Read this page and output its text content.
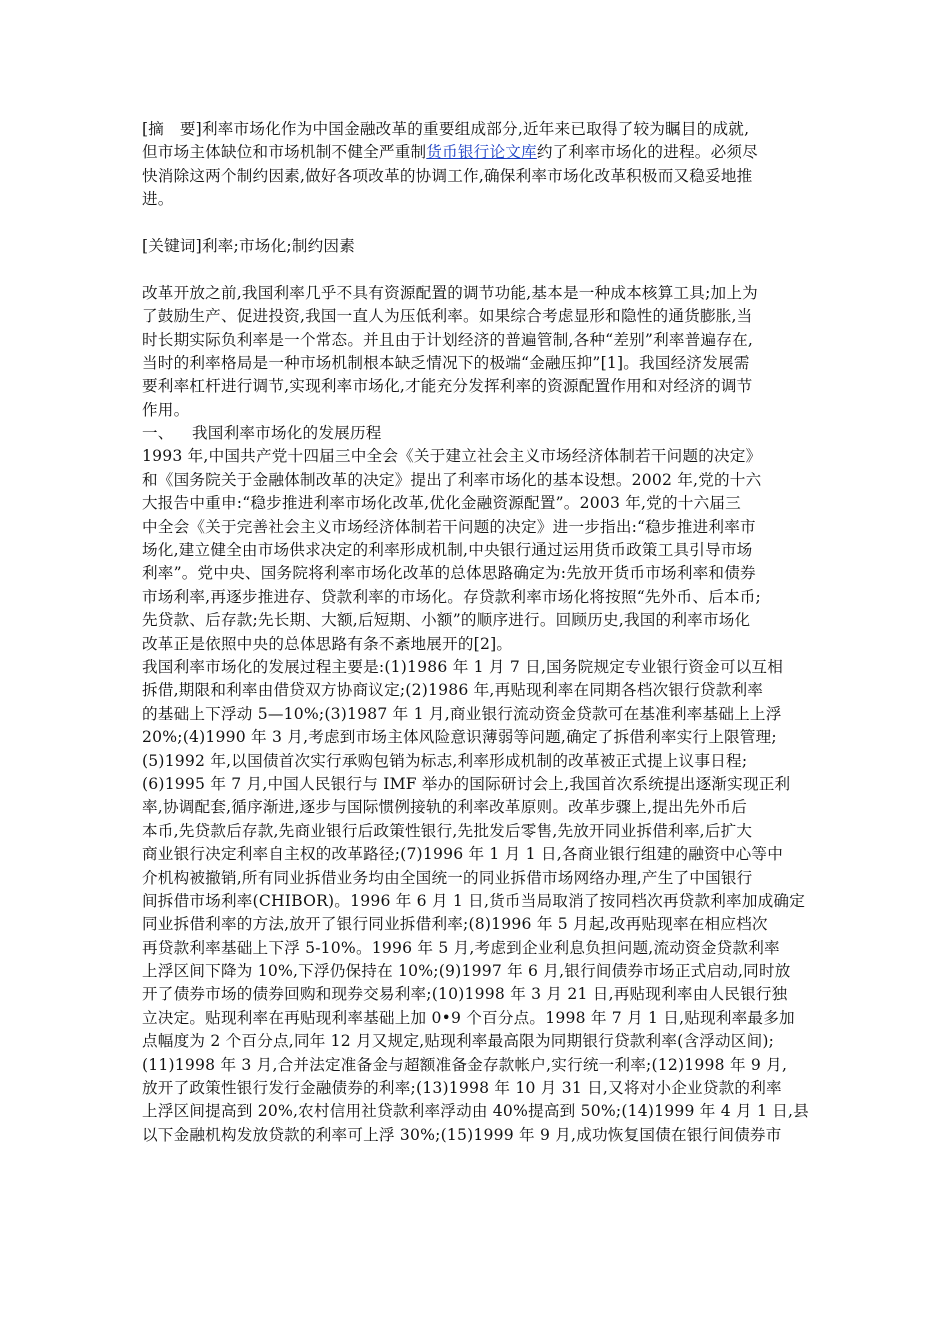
[摘　要]利率市场化作为中国金融改革的重要组成部分,近年来已取得了较为瞩目的成就,
但市场主体缺位和市场机制不健全严重制货币银行论文库约了利率市场化的进程。必须尽
快消除这两个制约因素,做好各项改革的协调工作,确保利率市场化改革积极而又稳妥地推
进。
[关键词]利率;市场化;制约因素
改革开放之前,我国利率几乎不具有资源配置的调节功能,基本是一种成本核算工具;加上为
了鼓励生产、促进投资,我国一直人为压低利率。如果综合考虑显形和隐性的通货膨胀,当
时长期实际负利率是一个常态。并且由于计划经济的普遍管制,各种“差别”利率普遍存在,
当时的利率格局是一种市场机制根本缺乏情况下的极端“金融压抑”[1]。我国经济发展需
要利率杠杆进行调节,实现利率市场化,才能充分发挥利率的资源配置作用和对经济的调节
作用。
一、 我国利率市场化的发展历程
1993 年,中国共产党十四届三中全会《关于建立社会主义市场经济体制若干问题的决定》
和《国务院关于金融体制改革的决定》提出了利率市场化的基本设想。2002 年,党的十六
大报告中重申:“稳步推进利率市场化改革,优化金融资源配置”。2003 年,党的十六届三
中全会《关于完善社会主义市场经济体制若干问题的决定》进一步指出:“稳步推进利率市
场化,建立健全由市场供求决定的利率形成机制,中央银行通过运用货币政策工具引导市场
利率”。党中央、国务院将利率市场化改革的总体思路确定为:先放开货币市场利率和债券
市场利率,再逐步推进存、贷款利率的市场化。存贷款利率市场化将按照“先外币、后本币;
先贷款、后存款;先长期、大额,后短期、小额”的顺序进行。回顾历史,我国的利率市场化
改革正是依照中央的总体思路有条不紊地展开的[2]。
我国利率市场化的发展过程主要是:(1)1986 年 1 月 7 日,国务院规定专业银行资金可以互相
拆借,期限和利率由借贷双方协商议定;(2)1986 年,再贴现利率在同期各档次银行贷款利率
的基础上下浮动 5—10%;(3)1987 年 1 月,商业银行流动资金贷款可在基准利率基础上上浮
20%;(4)1990 年 3 月,考虑到市场主体风险意识薄弱等问题,确定了拆借利率实行上限管理;
(5)1992 年,以国债首次实行承购包销为标志,利率形成机制的改革被正式提上议事日程;
(6)1995 年 7 月,中国人民银行与 IMF 举办的国际研讨会上,我国首次系统提出逐渐实现正利
率,协调配套,循序渐进,逐步与国际惯例接轨的利率改革原则。改革步骤上,提出先外币后
本币,先贷款后存款,先商业银行后政策性银行,先批发后零售,先放开同业拆借利率,后扩大
商业银行决定利率自主权的改革路径;(7)1996 年 1 月 1 日,各商业银行组建的融资中心等中
介机构被撤销,所有同业拆借业务均由全国统一的同业拆借市场网络办理,产生了中国银行
间拆借市场利率(CHIBOR)。1996 年 6 月 1 日,货币当局取消了按同档次再贷款利率加成确定
同业拆借利率的方法,放开了银行同业拆借利率;(8)1996 年 5 月起,改再贴现率在相应档次
再贷款利率基础上下浮 5-10%。1996 年 5 月,考虑到企业利息负担问题,流动资金贷款利率
上浮区间下降为 10%,下浮仍保持在 10%;(9)1997 年 6 月,银行间债券市场正式启动,同时放
开了债券市场的债券回购和现券交易利率;(10)1998 年 3 月 21 日,再贴现利率由人民银行独
立决定。贴现利率在再贴现利率基础上加 0•9 个百分点。1998 年 7 月 1 日,贴现利率最多加
点幅度为 2 个百分点,同年 12 月又规定,贴现利率最高限为同期银行贷款利率(含浮动区间);
(11)1998 年 3 月,合并法定准备金与超额准备金存款帐户,实行统一利率;(12)1998 年 9 月,
放开了政策性银行发行金融债券的利率;(13)1998 年 10 月 31 日,又将对小企业贷款的利率
上浮区间提高到 20%,农村信用社贷款利率浮动由 40%提高到 50%;(14)1999 年 4 月 1 日,县
以下金融机构发放贷款的利率可上浮 30%;(15)1999 年 9 月,成功恢复国债在银行间债券市
